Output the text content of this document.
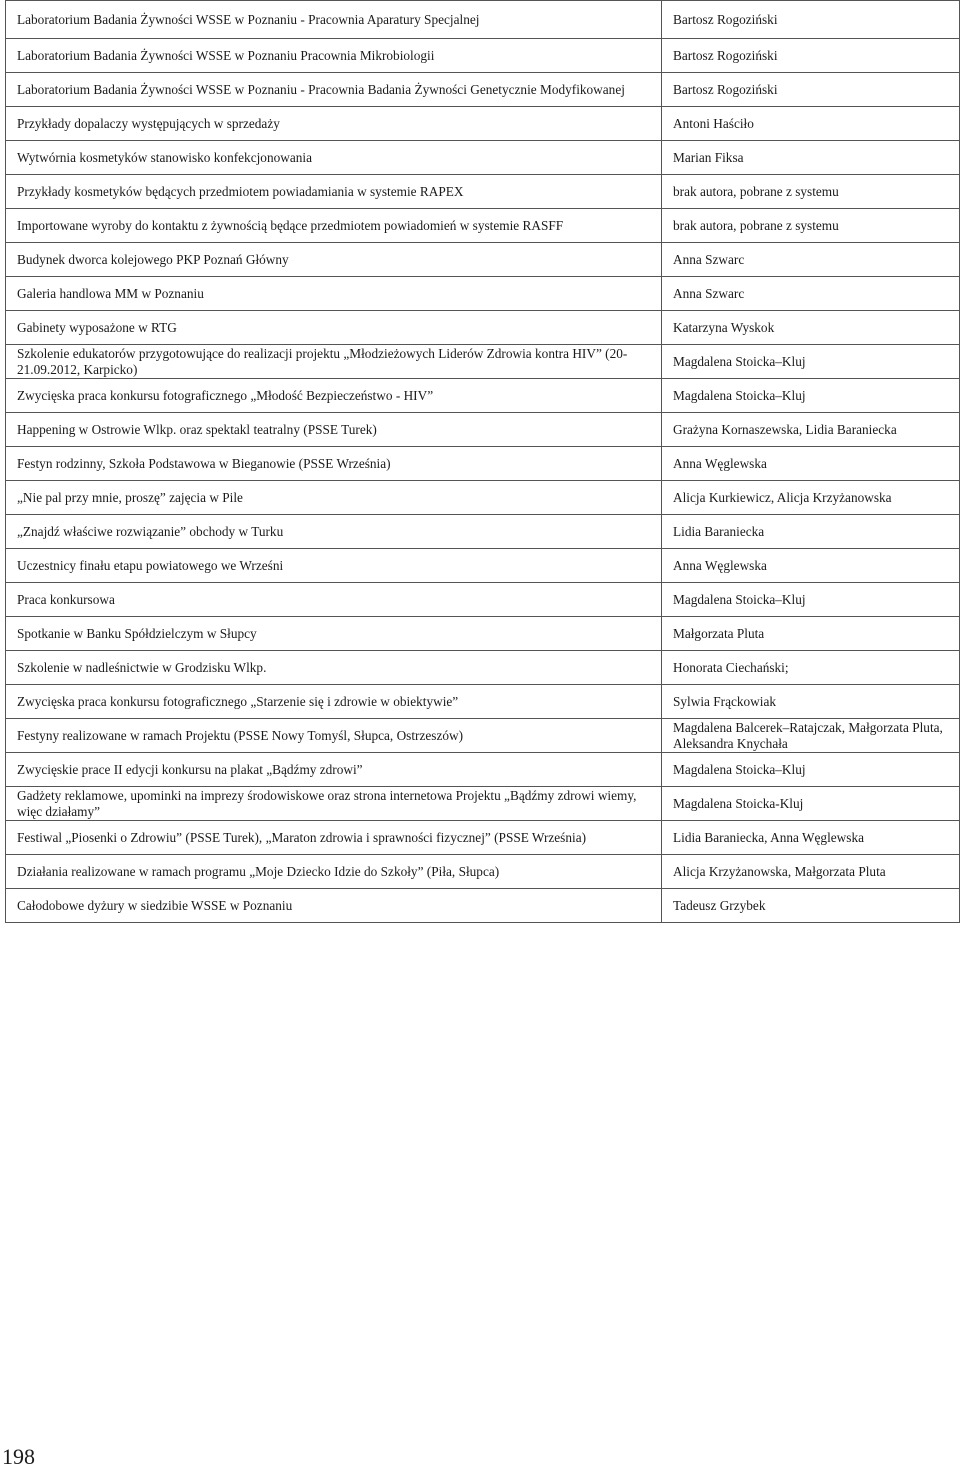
Laboratorium Badania Żywności WSSE w Poznaniu - Pracownia Aparatury Specjalnej	Bartosz Rogoziński
Laboratorium Badania Żywności WSSE w Poznaniu Pracownia Mikrobiologii	Bartosz Rogoziński
Laboratorium Badania Żywności WSSE w Poznaniu - Pracownia Badania Żywności Genetycznie Modyfikowanej	Bartosz Rogoziński
Przykłady dopalaczy występujących w sprzedaży	Antoni Haściło
Wytwórnia kosmetyków stanowisko konfekcjonowania	Marian Fiksa
Przykłady kosmetyków będących przedmiotem powiadamiania w systemie RAPEX	brak autora, pobrane z systemu
Importowane wyroby do kontaktu z żywnością będące przedmiotem powiadomień w systemie RASFF	brak autora, pobrane z systemu
Budynek dworca kolejowego PKP Poznań Główny	Anna Szwarc
Galeria handlowa MM w Poznaniu	Anna Szwarc
Gabinety wyposażone w RTG	Katarzyna Wyskok
Szkolenie edukatorów przygotowujące do realizacji projektu „Młodzieżowych Liderów Zdrowia kontra HIV” (20-21.09.2012, Karpicko)	Magdalena Stoicka–Kluj
Zwycięska praca konkursu fotograficznego „Młodość Bezpieczeństwo - HIV”	Magdalena Stoicka–Kluj
Happening w Ostrowie Wlkp. oraz spektakl teatralny (PSSE Turek)	Grażyna Kornaszewska, Lidia Baraniecka
Festyn rodzinny, Szkoła Podstawowa w Bieganowie (PSSE Września)	Anna Węglewska
„Nie pal przy mnie, proszę” zajęcia w Pile	Alicja Kurkiewicz, Alicja Krzyżanowska
„Znajdź właściwe rozwiązanie” obchody w Turku	Lidia Baraniecka
Uczestnicy finału etapu powiatowego we Wrześni	Anna Węglewska
Praca konkursowa	Magdalena Stoicka–Kluj
Spotkanie w Banku Spółdzielczym w Słupcy	Małgorzata Pluta
Szkolenie w nadleśnictwie w Grodzisku Wlkp.	Honorata Ciechański;
Zwycięska praca konkursu fotograficznego „Starzenie się i zdrowie w obiektywie”	Sylwia Frąckowiak
Festyny realizowane w ramach Projektu (PSSE Nowy Tomyśl, Słupca, Ostrzeszów)	Magdalena Balcerek–Ratajczak, Małgorzata Pluta, Aleksandra Knychała
Zwycięskie prace II edycji konkursu na plakat „Bądźmy zdrowi”	Magdalena Stoicka–Kluj
Gadżety reklamowe, upominki na imprezy środowiskowe oraz strona internetowa Projektu „Bądźmy zdrowi wiemy, więc działamy”	Magdalena Stoicka-Kluj
Festiwal „Piosenki o Zdrowiu” (PSSE Turek), „Maraton zdrowia i sprawności fizycznej” (PSSE Września)	Lidia Baraniecka, Anna Węglewska
Działania realizowane w ramach programu „Moje Dziecko Idzie do Szkoły” (Piła, Słupca)	Alicja Krzyżanowska, Małgorzata Pluta
Całodobowe dyżury w siedzibie WSSE w Poznaniu	Tadeusz Grzybek
198
